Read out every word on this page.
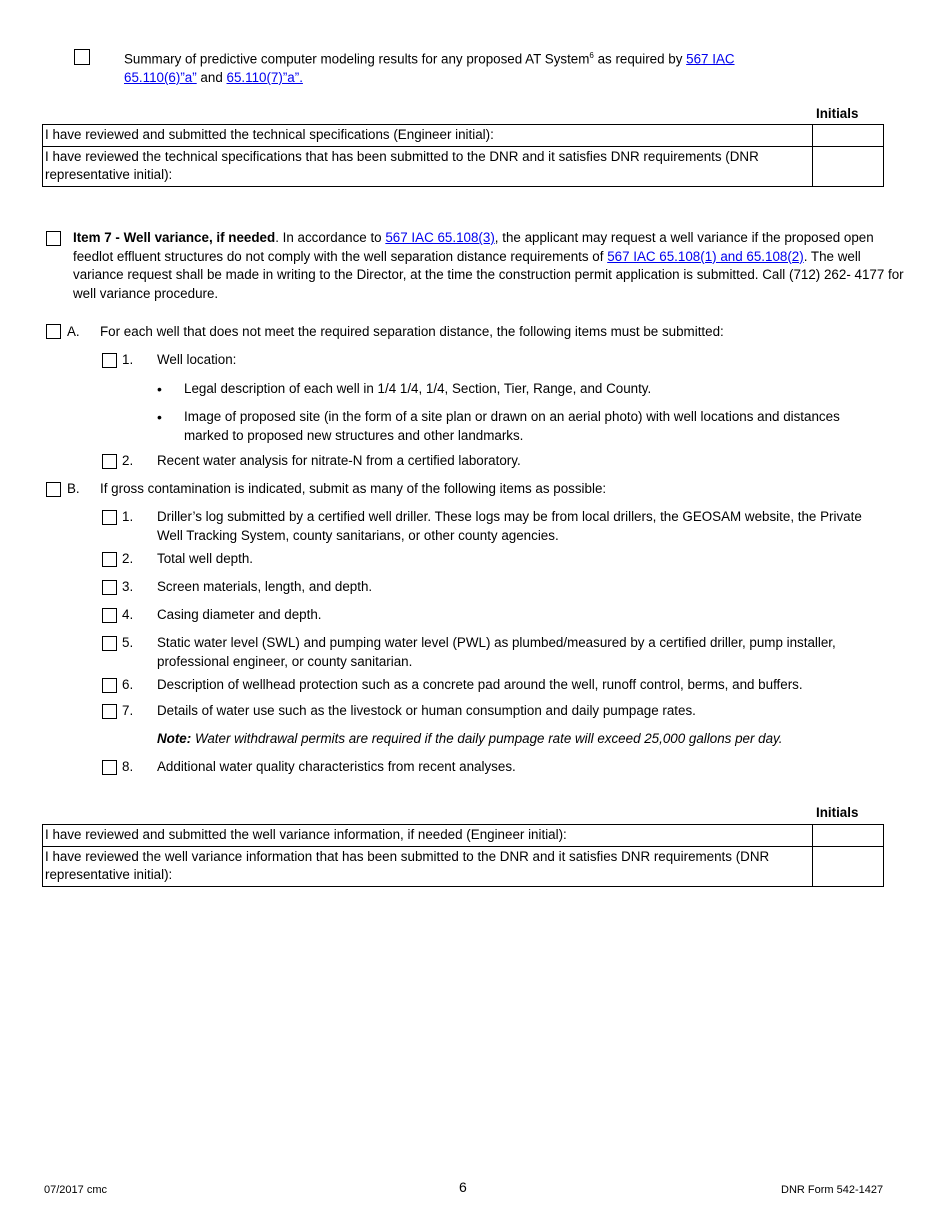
Summary of predictive computer modeling results for any proposed AT System$^6$ as required by 567 IAC
65.110(6)”a” and 65.110(7)”a”.
Initials
I have reviewed and submitted the technical specifications (Engineer initial):	
I have reviewed the technical specifications that has been submitted to the DNR and it satisfies DNR requirements (DNR representative initial):	
Item 7 - Well variance, if needed. In accordance to 567 IAC 65.108(3), the applicant may request a well variance if the proposed open feedlot effluent structures do not comply with the well separation distance requirements of 567 IAC 65.108(1) and 65.108(2). The well variance request shall be made in writing to the Director, at the time the construction permit application is submitted. Call (712) 262- 4177 for well variance procedure.
A. For each well that does not meet the required separation distance, the following items must be submitted:
1. Well location:
• Legal description of each well in 1/4 1/4, 1/4, Section, Tier, Range, and County.
• Image of proposed site (in the form of a site plan or drawn on an aerial photo) with well locations and distances marked to proposed new structures and other landmarks.
2. Recent water analysis for nitrate-N from a certified laboratory.
B. If gross contamination is indicated, submit as many of the following items as possible:
1. Driller’s log submitted by a certified well driller. These logs may be from local drillers, the GEOSAM website, the Private Well Tracking System, county sanitarians, or other county agencies.
2. Total well depth.
3. Screen materials, length, and depth.
4. Casing diameter and depth.
5. Static water level (SWL) and pumping water level (PWL) as plumbed/measured by a certified driller, pump installer, professional engineer, or county sanitarian.
6. Description of wellhead protection such as a concrete pad around the well, runoff control, berms, and buffers.
7. Details of water use such as the livestock or human consumption and daily pumpage rates.
Note: Water withdrawal permits are required if the daily pumpage rate will exceed 25,000 gallons per day.
8. Additional water quality characteristics from recent analyses.
Initials
I have reviewed and submitted the well variance information, if needed (Engineer initial):	
I have reviewed the well variance information that has been submitted to the DNR and it satisfies DNR requirements (DNR representative initial):	
07/2017 cmc	6	DNR Form 542-1427
